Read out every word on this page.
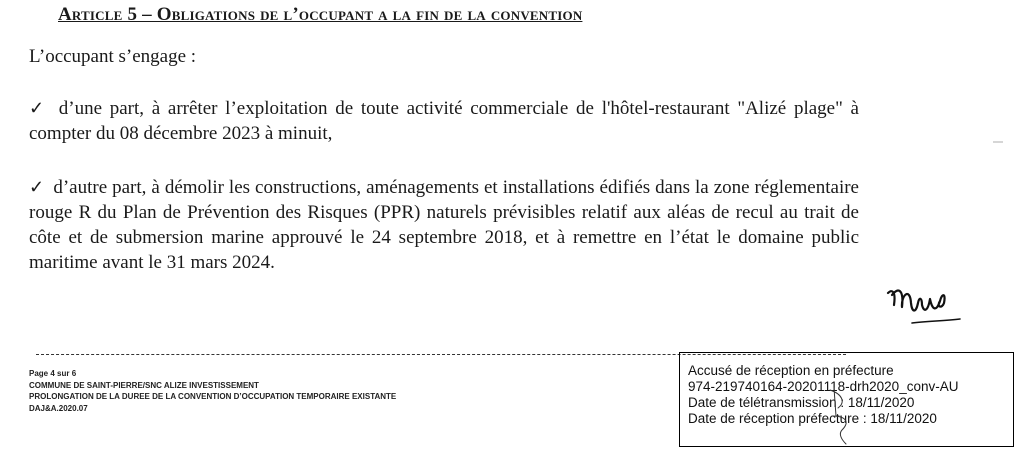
Article 5 – Obligations de l’occupant a la fin de la convention
L’occupant s’engage :
✓ d’une part, à arrêter l’exploitation de toute activité commerciale de l'hôtel-restaurant "Alizé plage" à compter du 08 décembre 2023 à minuit,
✓ d’autre part, à démolir les constructions, aménagements et installations édifiés dans la zone réglementaire rouge R du Plan de Prévention des Risques (PPR) naturels prévisibles relatif aux aléas de recul au trait de côte et de submersion marine approuvé le 24 septembre 2018, et à remettre en l’état le domaine public maritime avant le 31 mars 2024.
Page 4 sur 6
COMMUNE DE SAINT-PIERRE/SNC ALIZE INVESTISSEMENT
PROLONGATION DE LA DUREE DE LA CONVENTION D’OCCUPATION TEMPORAIRE EXISTANTE
DAJ&A.2020.07
Accusé de réception en préfecture
974-219740164-20201118-drh2020_conv-AU
Date de télétransmission : 18/11/2020
Date de réception préfecture : 18/11/2020
